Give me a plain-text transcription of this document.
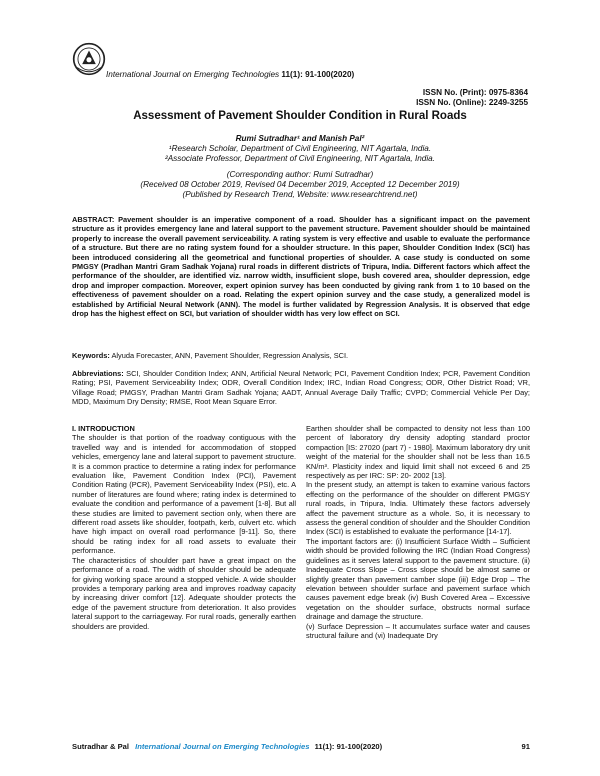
International Journal on Emerging Technologies 11(1): 91-100(2020)
ISSN No. (Print): 0975-8364
ISSN No. (Online): 2249-3255
Assessment of Pavement Shoulder Condition in Rural Roads
Rumi Sutradhar¹ and Manish Pal²
¹Research Scholar, Department of Civil Engineering, NIT Agartala, India.
²Associate Professor, Department of Civil Engineering, NIT Agartala, India.
(Corresponding author: Rumi Sutradhar)
(Received 08 October 2019, Revised 04 December 2019, Accepted 12 December 2019)
(Published by Research Trend, Website: www.researchtrend.net)
ABSTRACT: Pavement shoulder is an imperative component of a road. Shoulder has a significant impact on the pavement structure as it provides emergency lane and lateral support to the pavement structure. Pavement shoulder should be maintained properly to increase the overall pavement serviceability. A rating system is very effective and usable to evaluate the performance of a structure. But there are no rating system found for a shoulder structure. In this paper, Shoulder Condition Index (SCI) has been introduced considering all the geometrical and functional properties of shoulder. A case study is conducted on some PMGSY (Pradhan Mantri Gram Sadhak Yojana) rural roads in different districts of Tripura, India. Different factors which affect the performance of the shoulder, are identified viz. narrow width, insufficient slope, bush covered area, shoulder depression, edge drop and improper compaction. Moreover, expert opinion survey has been conducted by giving rank from 1 to 10 based on the effectiveness of pavement shoulder on a road. Relating the expert opinion survey and the case study, a generalized model is established by Artificial Neural Network (ANN). The model is further validated by Regression Analysis. It is observed that edge drop has the highest effect on SCI, but variation of shoulder width has very low effect on SCI.
Keywords: Alyuda Forecaster, ANN, Pavement Shoulder, Regression Analysis, SCI.
Abbreviations: SCI, Shoulder Condition Index; ANN, Artificial Neural Network; PCI, Pavement Condition Index; PCR, Pavement Condition Rating; PSI, Pavement Serviceability Index; ODR, Overall Condition Index; IRC, Indian Road Congress; ODR, Other District Road; VR, Village Road; PMGSY, Pradhan Mantri Gram Sadhak Yojana; AADT, Annual Average Daily Traffic; CVPD; Commercial Vehicle Per Day; MDD, Maximum Dry Density; RMSE, Root Mean Square Error.

I. INTRODUCTION

The shoulder is that portion of the roadway contiguous with the travelled way and is intended for accommodation of stopped vehicles, emergency lane and lateral support to pavement structure. It is a common practice to determine a rating index for performance evaluation like, Pavement Condition Index (PCI), Pavement Condition Rating (PCR), Pavement Serviceability Index (PSI), etc. A number of literatures are found where; rating index is determined to evaluate the condition and performance of a pavement [1-8]. But all these studies are limited to pavement section only, when there are different road assets like shoulder, footpath, kerb, culvert etc. which have high impact on overall road performance [9-11]. So, there should be rating index for all road assets to evaluate their performance.

The characteristics of shoulder part have a great impact on the performance of a road. The width of shoulder should be adequate for giving working space around a stopped vehicle. A wide shoulder provides a temporary parking area and improves roadway capacity by increasing driver comfort [12]. Adequate shoulder protects the edge of the pavement structure from deterioration. It also provides lateral support to the carriageway. For rural roads, generally earthen shoulders are provided.

Earthen shoulder shall be compacted to density not less than 100 percent of laboratory dry density adopting standard proctor compaction [IS: 27020 (part 7) - 1980]. Maximum laboratory dry unit weight of the material for the shoulder shall not be less than 16.5 KN/m³. Plasticity index and liquid limit shall not exceed 6 and 25 respectively as per IRC: SP: 20- 2002 [13].

In the present study, an attempt is taken to examine various factors effecting on the performance of the shoulder on different PMGSY rural roads, in Tripura, India. Ultimately these factors adversely affect the pavement structure as a whole. So, it is necessary to assess the general condition of shoulder and the Shoulder Condition Index (SCI) is established to evaluate the performance [14-17].

The important factors are: (i) Insufficient Surface Width – Sufficient width should be provided following the IRC (Indian Road Congress) guidelines as it serves lateral support to the pavement structure. (ii) Inadequate Cross Slope – Cross slope should be almost same or slightly greater than pavement camber slope (iii) Edge Drop – The elevation between shoulder surface and pavement surface which causes pavement edge break (iv) Bush Covered Area – Excessive vegetation on the shoulder surface, obstructs normal surface drainage and damage the structure.

(v) Surface Depression – It accumulates surface water and causes structural failure and (vi) Inadequate Dry

Sutradhar & Pal International Journal on Emerging Technologies 11(1): 91-100(2020)	91
